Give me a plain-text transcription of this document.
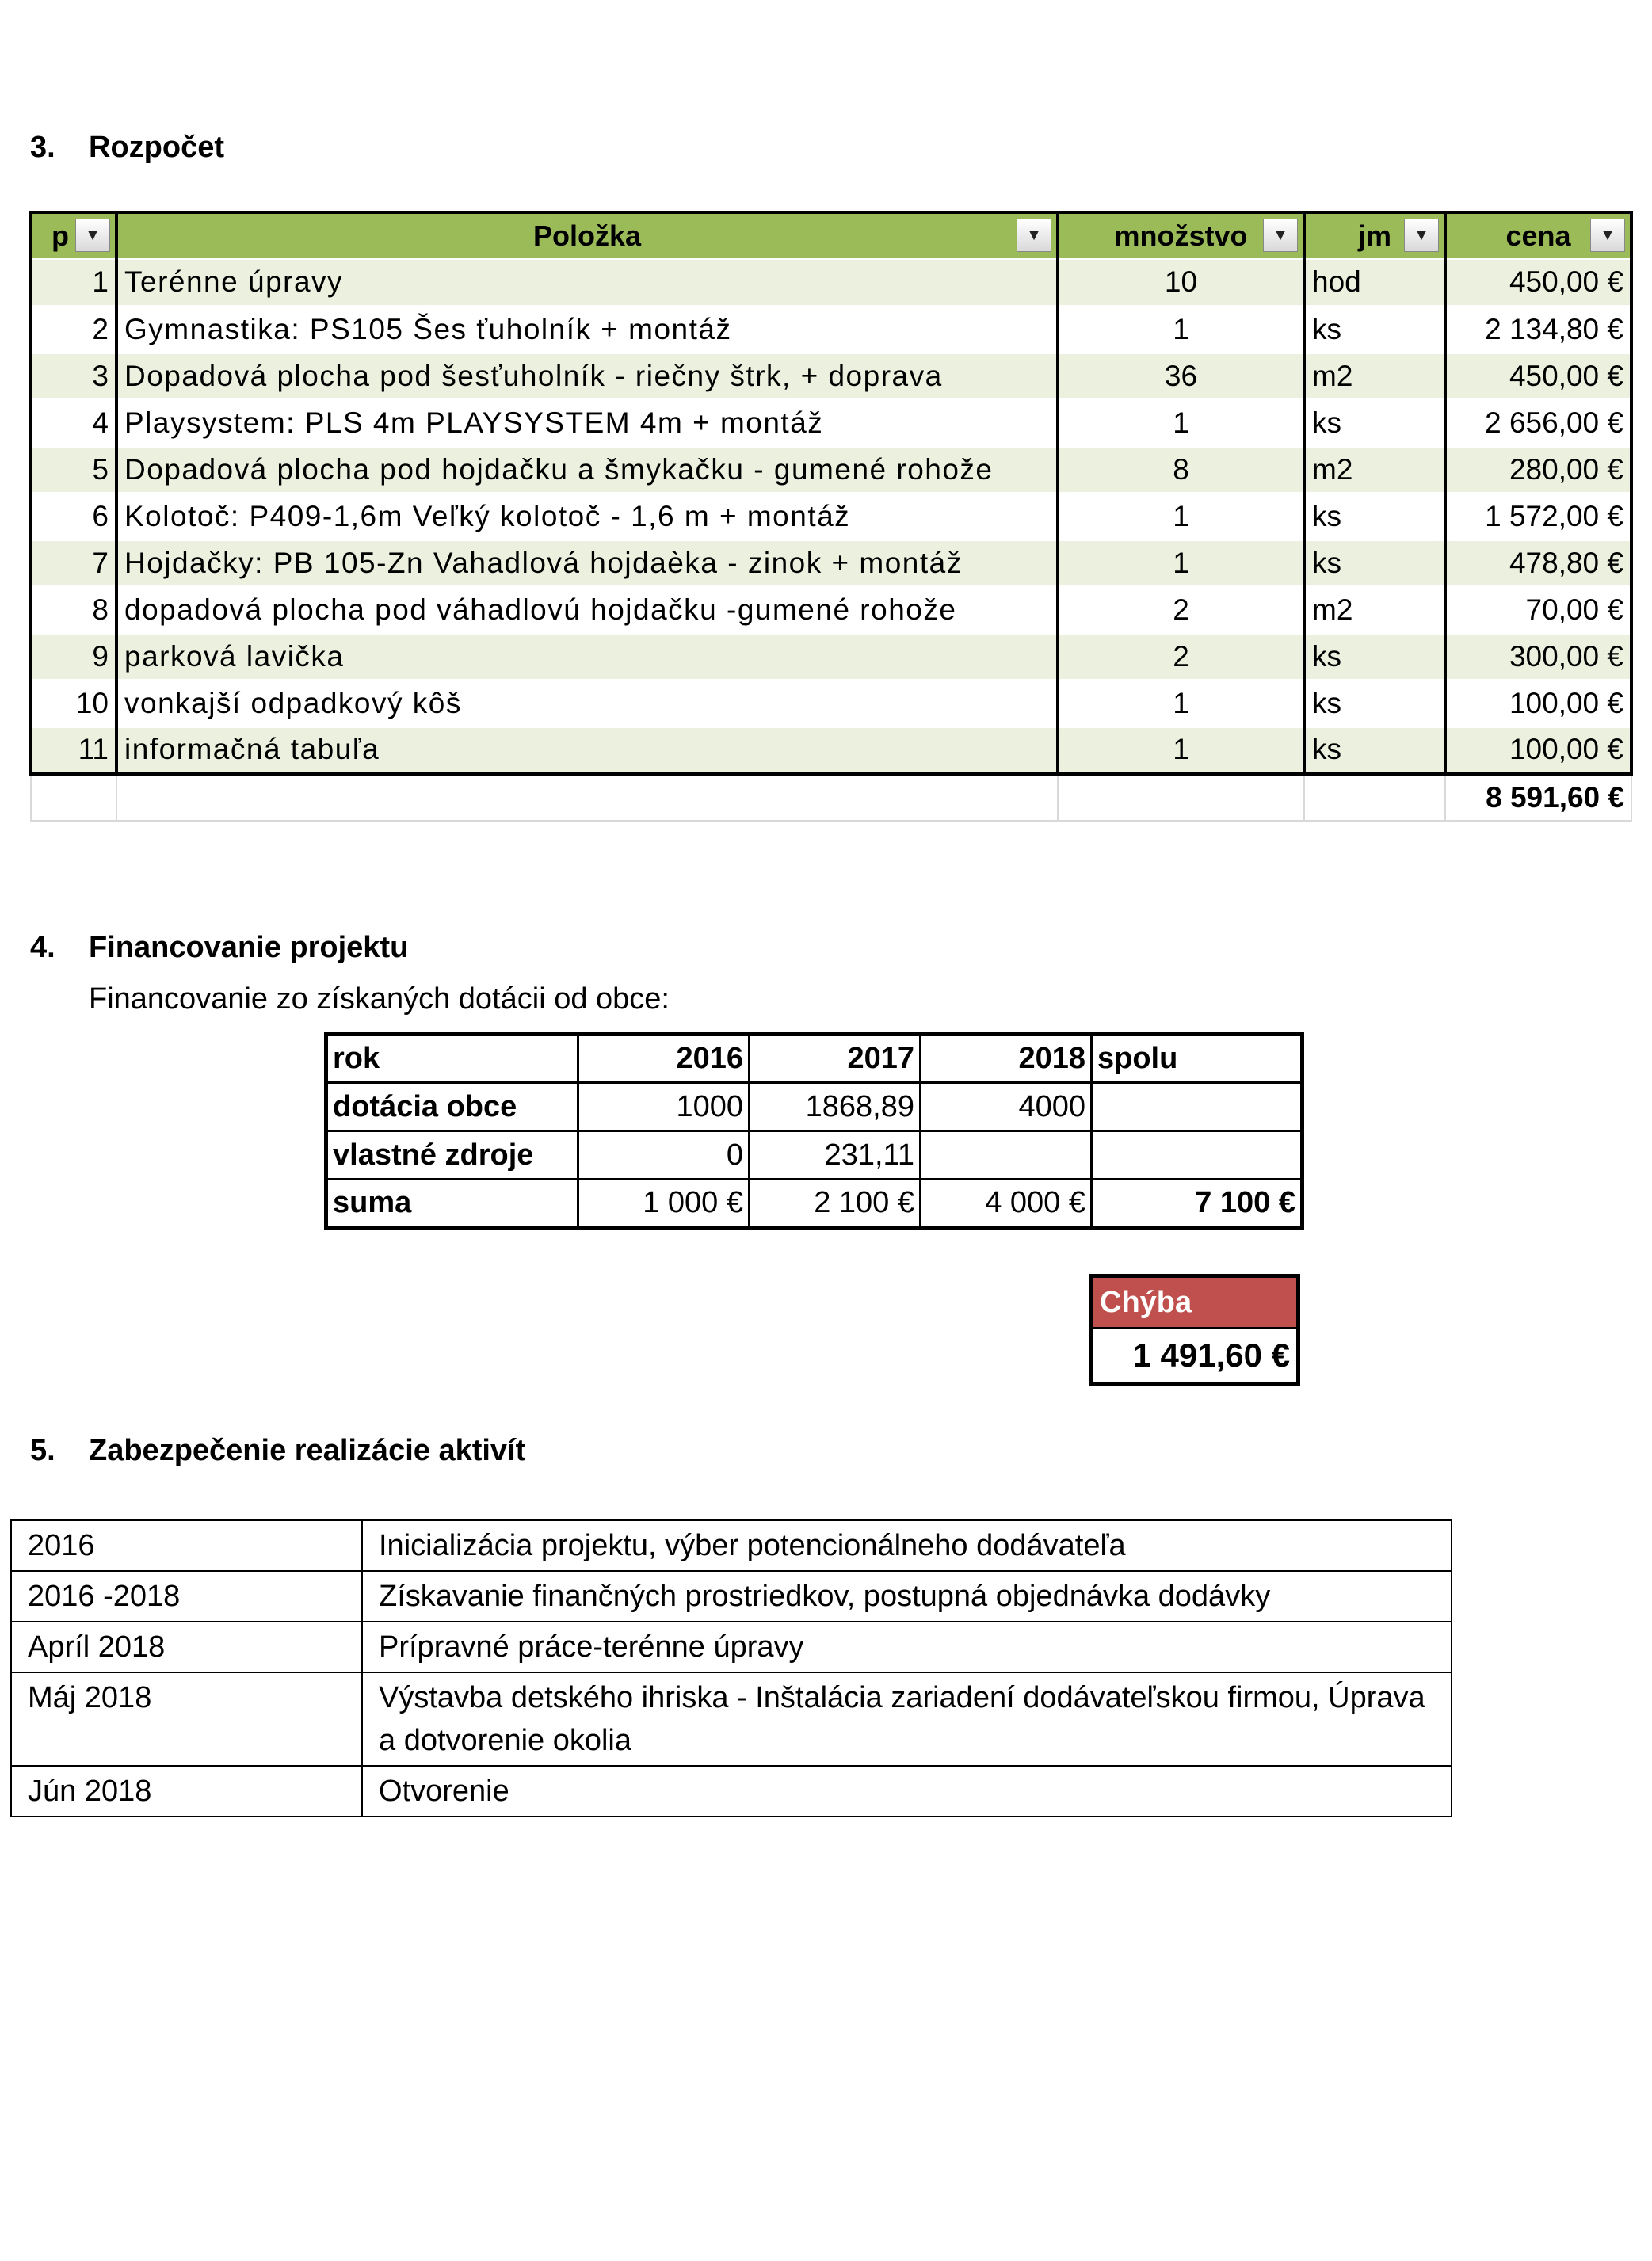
3. Rozpočet
p ▼	Položka ▼	množstvo ▼	jm ▼	cena ▼

1	Terénne úpravy	10	hod	450,00 €
2	Gymnastika: PS105 Šes ťuholník + montáž	1	ks	2 134,80 €
3	Dopadová plocha pod šesťuholník - riečny štrk, + doprava	36	m2	450,00 €
4	Playsystem: PLS 4m PLAYSYSTEM 4m + montáž	1	ks	2 656,00 €
5	Dopadová plocha pod hojdačku a šmykačku - gumené rohože	8	m2	280,00 €
6	Kolotoč: P409-1,6m Veľký kolotoč - 1,6 m + montáž	1	ks	1 572,00 €
7	Hojdačky: PB 105-Zn Vahadlová hojdaèka - zinok + montáž	1	ks	478,80 €
8	dopadová plocha pod váhadlovú hojdačku -gumené rohože	2	m2	70,00 €
9	parková lavička	2	ks	300,00 €
10	vonkajší odpadkový kôš	1	ks	100,00 €
11	informačná tabuľa	1	ks	100,00 €
				8 591,60 €
4. Financovanie projektu
Financovanie zo získaných dotácii od obce:
rok	2016	2017	2018	spolu
dotácia obce	1000	1868,89	4000	
vlastné zdroje	0	231,11		
suma	1 000 €	2 100 €	4 000 €	7 100 €
Chýba
1 491,60 €
5. Zabezpečenie realizácie aktivít
2016	Inicializácia projektu, výber potencionálneho dodávateľa
2016 -2018	Získavanie finančných prostriedkov, postupná objednávka dodávky
Apríl 2018	Prípravné práce-terénne úpravy
Máj 2018	Výstavba detského ihriska - Inštalácia zariadení dodávateľskou firmou, Úprava a dotvorenie okolia
Jún 2018	Otvorenie
